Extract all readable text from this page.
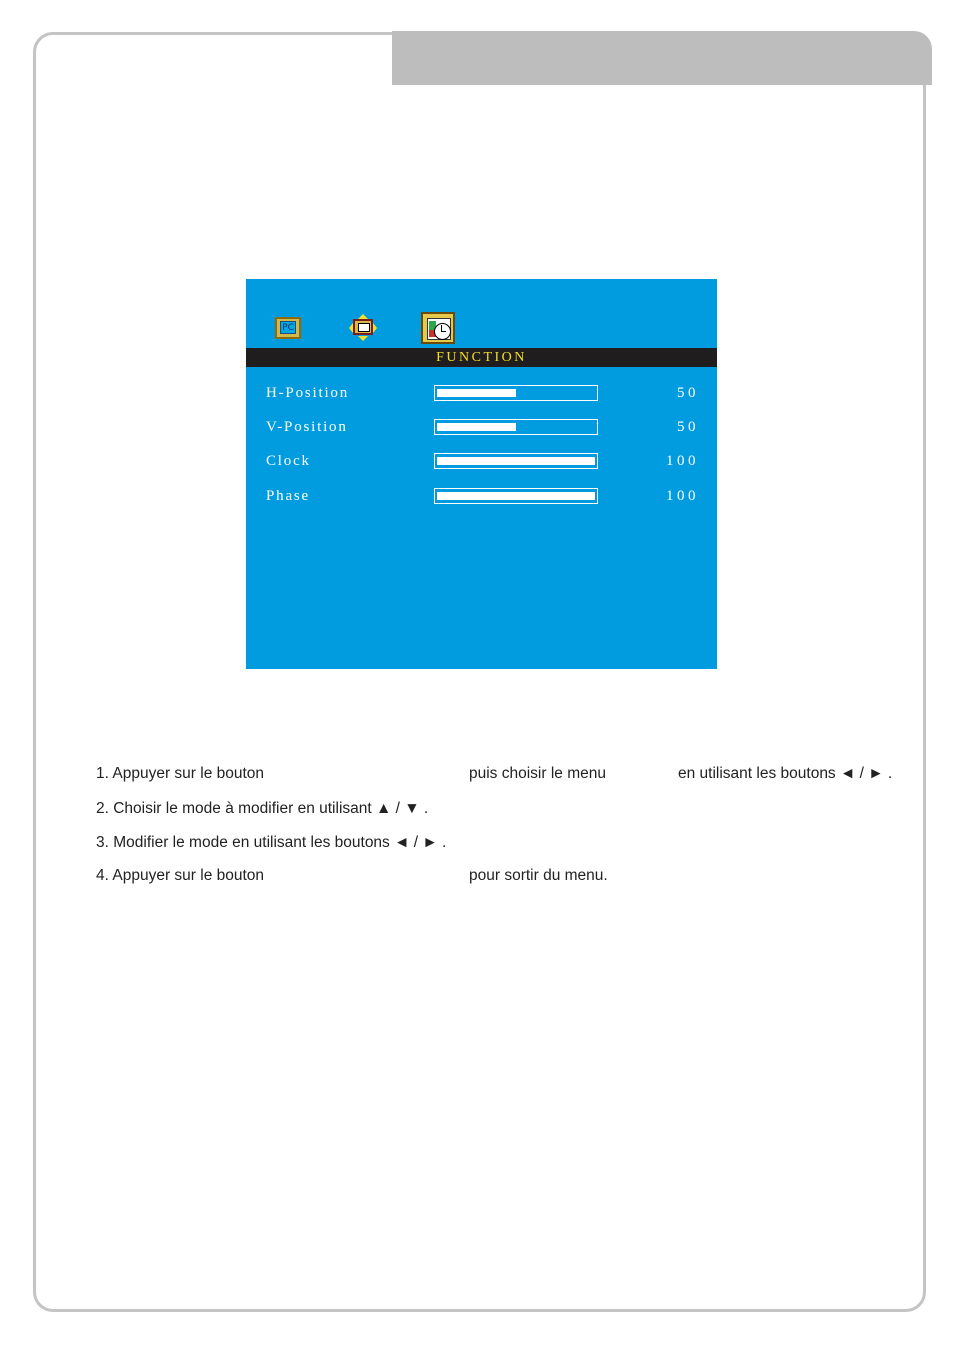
PC
FUNCTION
H-Position	50
V-Position	50
Clock	100
Phase	100
1. Appuyer sur le bouton	puis choisir le menu	en utilisant les boutons ◄ / ► .
2. Choisir le mode à modifier en utilisant ▲ / ▼ .
3. Modifier le mode en utilisant les boutons ◄ / ► .
4. Appuyer sur le bouton	pour sortir du menu.
